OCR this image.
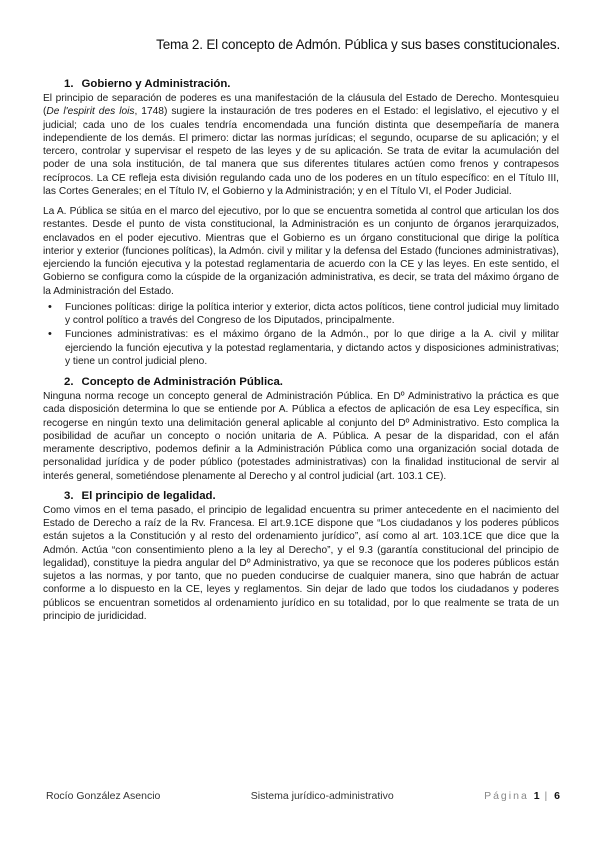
Tema 2. El concepto de Admón. Pública y sus bases constitucionales.
1. Gobierno y Administración.

El principio de separación de poderes es una manifestación de la cláusula del Estado de Derecho. Montesquieu (De l'espirit des lois, 1748) sugiere la instauración de tres poderes en el Estado: el legislativo, el ejecutivo y el judicial; cada uno de los cuales tendría encomendada una función distinta que desempeñaría de manera independiente de los demás. El primero: dictar las normas jurídicas; el segundo, ocuparse de su aplicación; y el tercero, controlar y supervisar el respeto de las leyes y de su aplicación. Se trata de evitar la acumulación del poder de una sola institución, de tal manera que sus diferentes titulares actúen como frenos y contrapesos recíprocos. La CE refleja esta división regulando cada uno de los poderes en un título específico: en el Título III, las Cortes Generales; en el Título IV, el Gobierno y la Administración; y en el Título VI, el Poder Judicial.

La A. Pública se sitúa en el marco del ejecutivo, por lo que se encuentra sometida al control que articulan los dos restantes. Desde el punto de vista constitucional, la Administración es un conjunto de órganos jerarquizados, enclavados en el poder ejecutivo. Mientras que el Gobierno es un órgano constitucional que dirige la política interior y exterior (funciones políticas), la Admón. civil y militar y la defensa del Estado (funciones administrativas), ejerciendo la función ejecutiva y la potestad reglamentaria de acuerdo con la CE y las leyes. En este sentido, el Gobierno se configura como la cúspide de la organización administrativa, es decir, se trata del máximo órgano de la Administración del Estado.

• Funciones políticas: dirige la política interior y exterior, dicta actos políticos, tiene control judicial muy limitado y control político a través del Congreso de los Diputados, principalmente.
• Funciones administrativas: es el máximo órgano de la Admón., por lo que dirige a la A. civil y militar ejerciendo la función ejecutiva y la potestad reglamentaria, y dictando actos y disposiciones administrativas; y tiene un control judicial pleno.
2. Concepto de Administración Pública.

Ninguna norma recoge un concepto general de Administración Pública. En Dº Administrativo la práctica es que cada disposición determina lo que se entiende por A. Pública a efectos de aplicación de esa Ley específica, sin recogerse en ningún texto una delimitación general aplicable al conjunto del Dº Administrativo. Esto complica la posibilidad de acuñar un concepto o noción unitaria de A. Pública. A pesar de la disparidad, con el afán meramente descriptivo, podemos definir a la Administración Pública como una organización social dotada de personalidad jurídica y de poder público (potestades administrativas) con la finalidad institucional de servir al interés general, sometiéndose plenamente al Derecho y al control judicial (art. 103.1 CE).

3. El principio de legalidad.

Como vimos en el tema pasado, el principio de legalidad encuentra su primer antecedente en el nacimiento del Estado de Derecho a raíz de la Rv. Francesa. El art.9.1CE dispone que “Los ciudadanos y los poderes públicos están sujetos a la Constitución y al resto del ordenamiento jurídico”, así como al art. 103.1CE que dice que la Admón. Actúa “con consentimiento pleno a la ley al Derecho”, y el 9.3 (garantía constitucional del principio de legalidad), constituye la piedra angular del Dº Administrativo, ya que se reconoce que los poderes públicos están sujetos a las normas, y por tanto, que no pueden conducirse de cualquier manera, sino que habrán de actuar conforme a lo dispuesto en la CE, leyes y reglamentos. Sin dejar de lado que todos los ciudadanos y poderes públicos se encuentran sometidos al ordenamiento jurídico en su totalidad, por lo que realmente se trata de un principio de juridicidad.

Rocío González Asencio	Sistema jurídico-administrativo	Página 1 | 6
